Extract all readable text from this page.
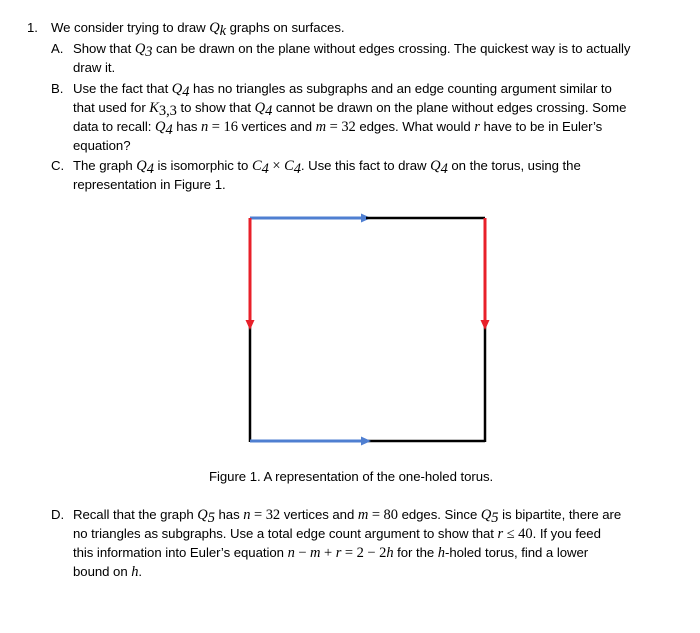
1. We consider trying to draw $Q_k$ graphs on surfaces.
A. Show that $Q_3$ can be drawn on the plane without edges crossing. The quickest way is to actually
draw it.
B. Use the fact that $Q_4$ has no triangles as subgraphs and an edge counting argument similar to
that used for $K_{3,3}$ to show that $Q_4$ cannot be drawn on the plane without edges crossing. Some
data to recall: $Q_4$ has n = 16 vertices and m = 32 edges. What would r have to be in Euler’s
equation?
C. The graph $Q_4$ is isomorphic to $C_4 \times C_4$. Use this fact to draw $Q_4$ on the torus, using the
representation in Figure 1.
Figure 1. A representation of the one-holed torus.
D. Recall that the graph $Q_5$ has n = 32 vertices and m = 80 edges. Since $Q_5$ is bipartite, there are
no triangles as subgraphs. Use a total edge count argument to show that r ≤ 40. If you feed
this information into Euler’s equation n − m + r = 2 − 2h for the h-holed torus, find a lower
bound on h.
